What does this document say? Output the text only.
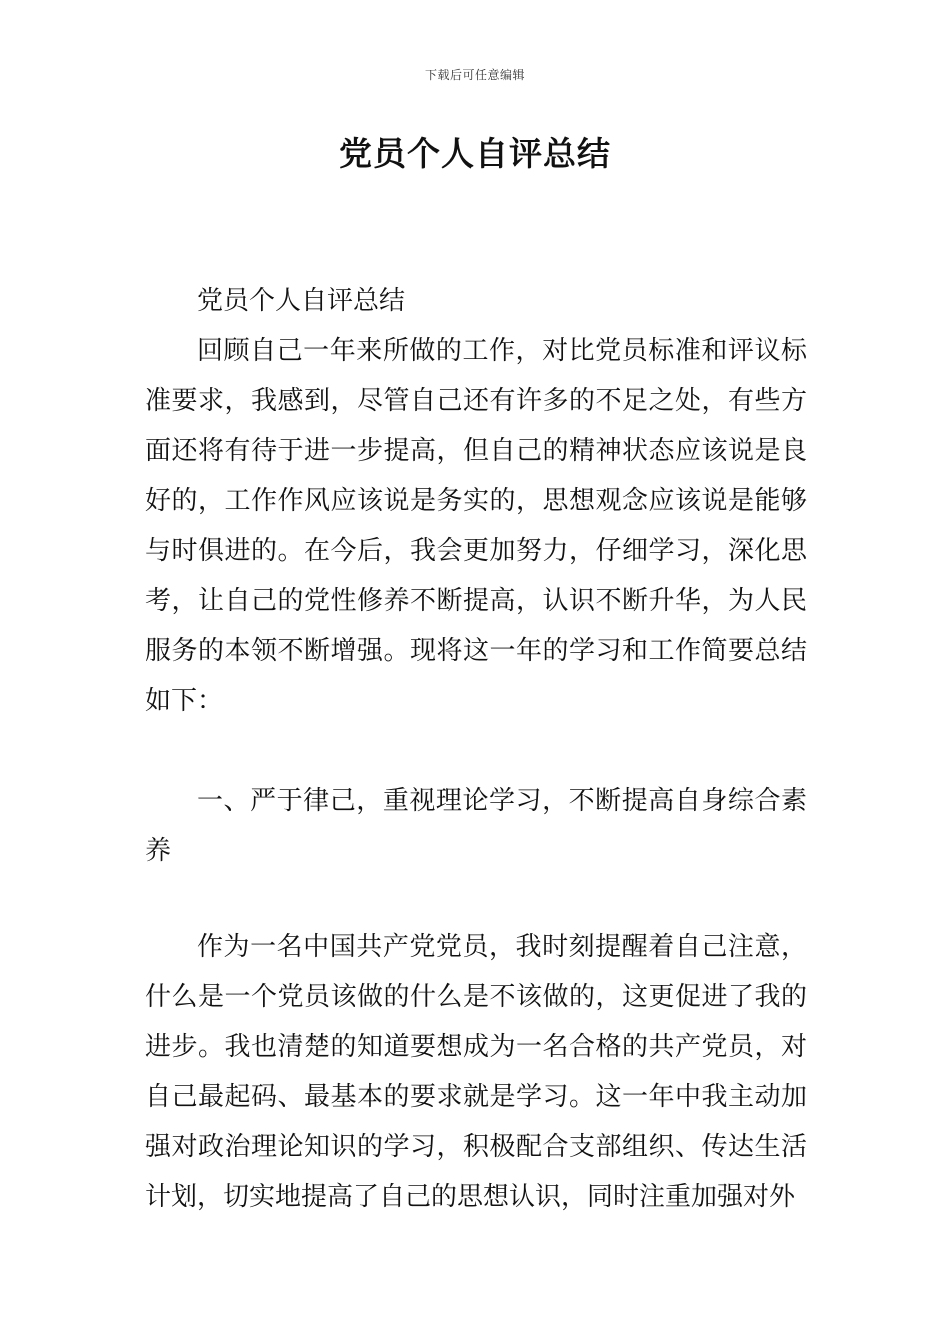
下载后可任意编辑
党员个人自评总结

党员个人自评总结

回顾自己一年来所做的工作，对比党员标准和评议标准要求，我感到，尽管自己还有许多的不足之处，有些方面还将有待于进一步提高，但自己的精神状态应该说是良好的，工作作风应该说是务实的，思想观念应该说是能够与时俱进的。在今后，我会更加努力，仔细学习，深化思考，让自己的党性修养不断提高，认识不断升华，为人民服务的本领不断增强。现将这一年的学习和工作简要总结如下：

一、严于律己，重视理论学习，不断提高自身综合素养

作为一名中国共产党党员，我时刻提醒着自己注意，什么是一个党员该做的什么是不该做的，这更促进了我的进步。我也清楚的知道要想成为一名合格的共产党员，对自己最起码、最基本的要求就是学习。这一年中我主动加强对政治理论知识的学习，积极配合支部组织、传达生活计划，切实地提高了自己的思想认识，同时注重加强对外
